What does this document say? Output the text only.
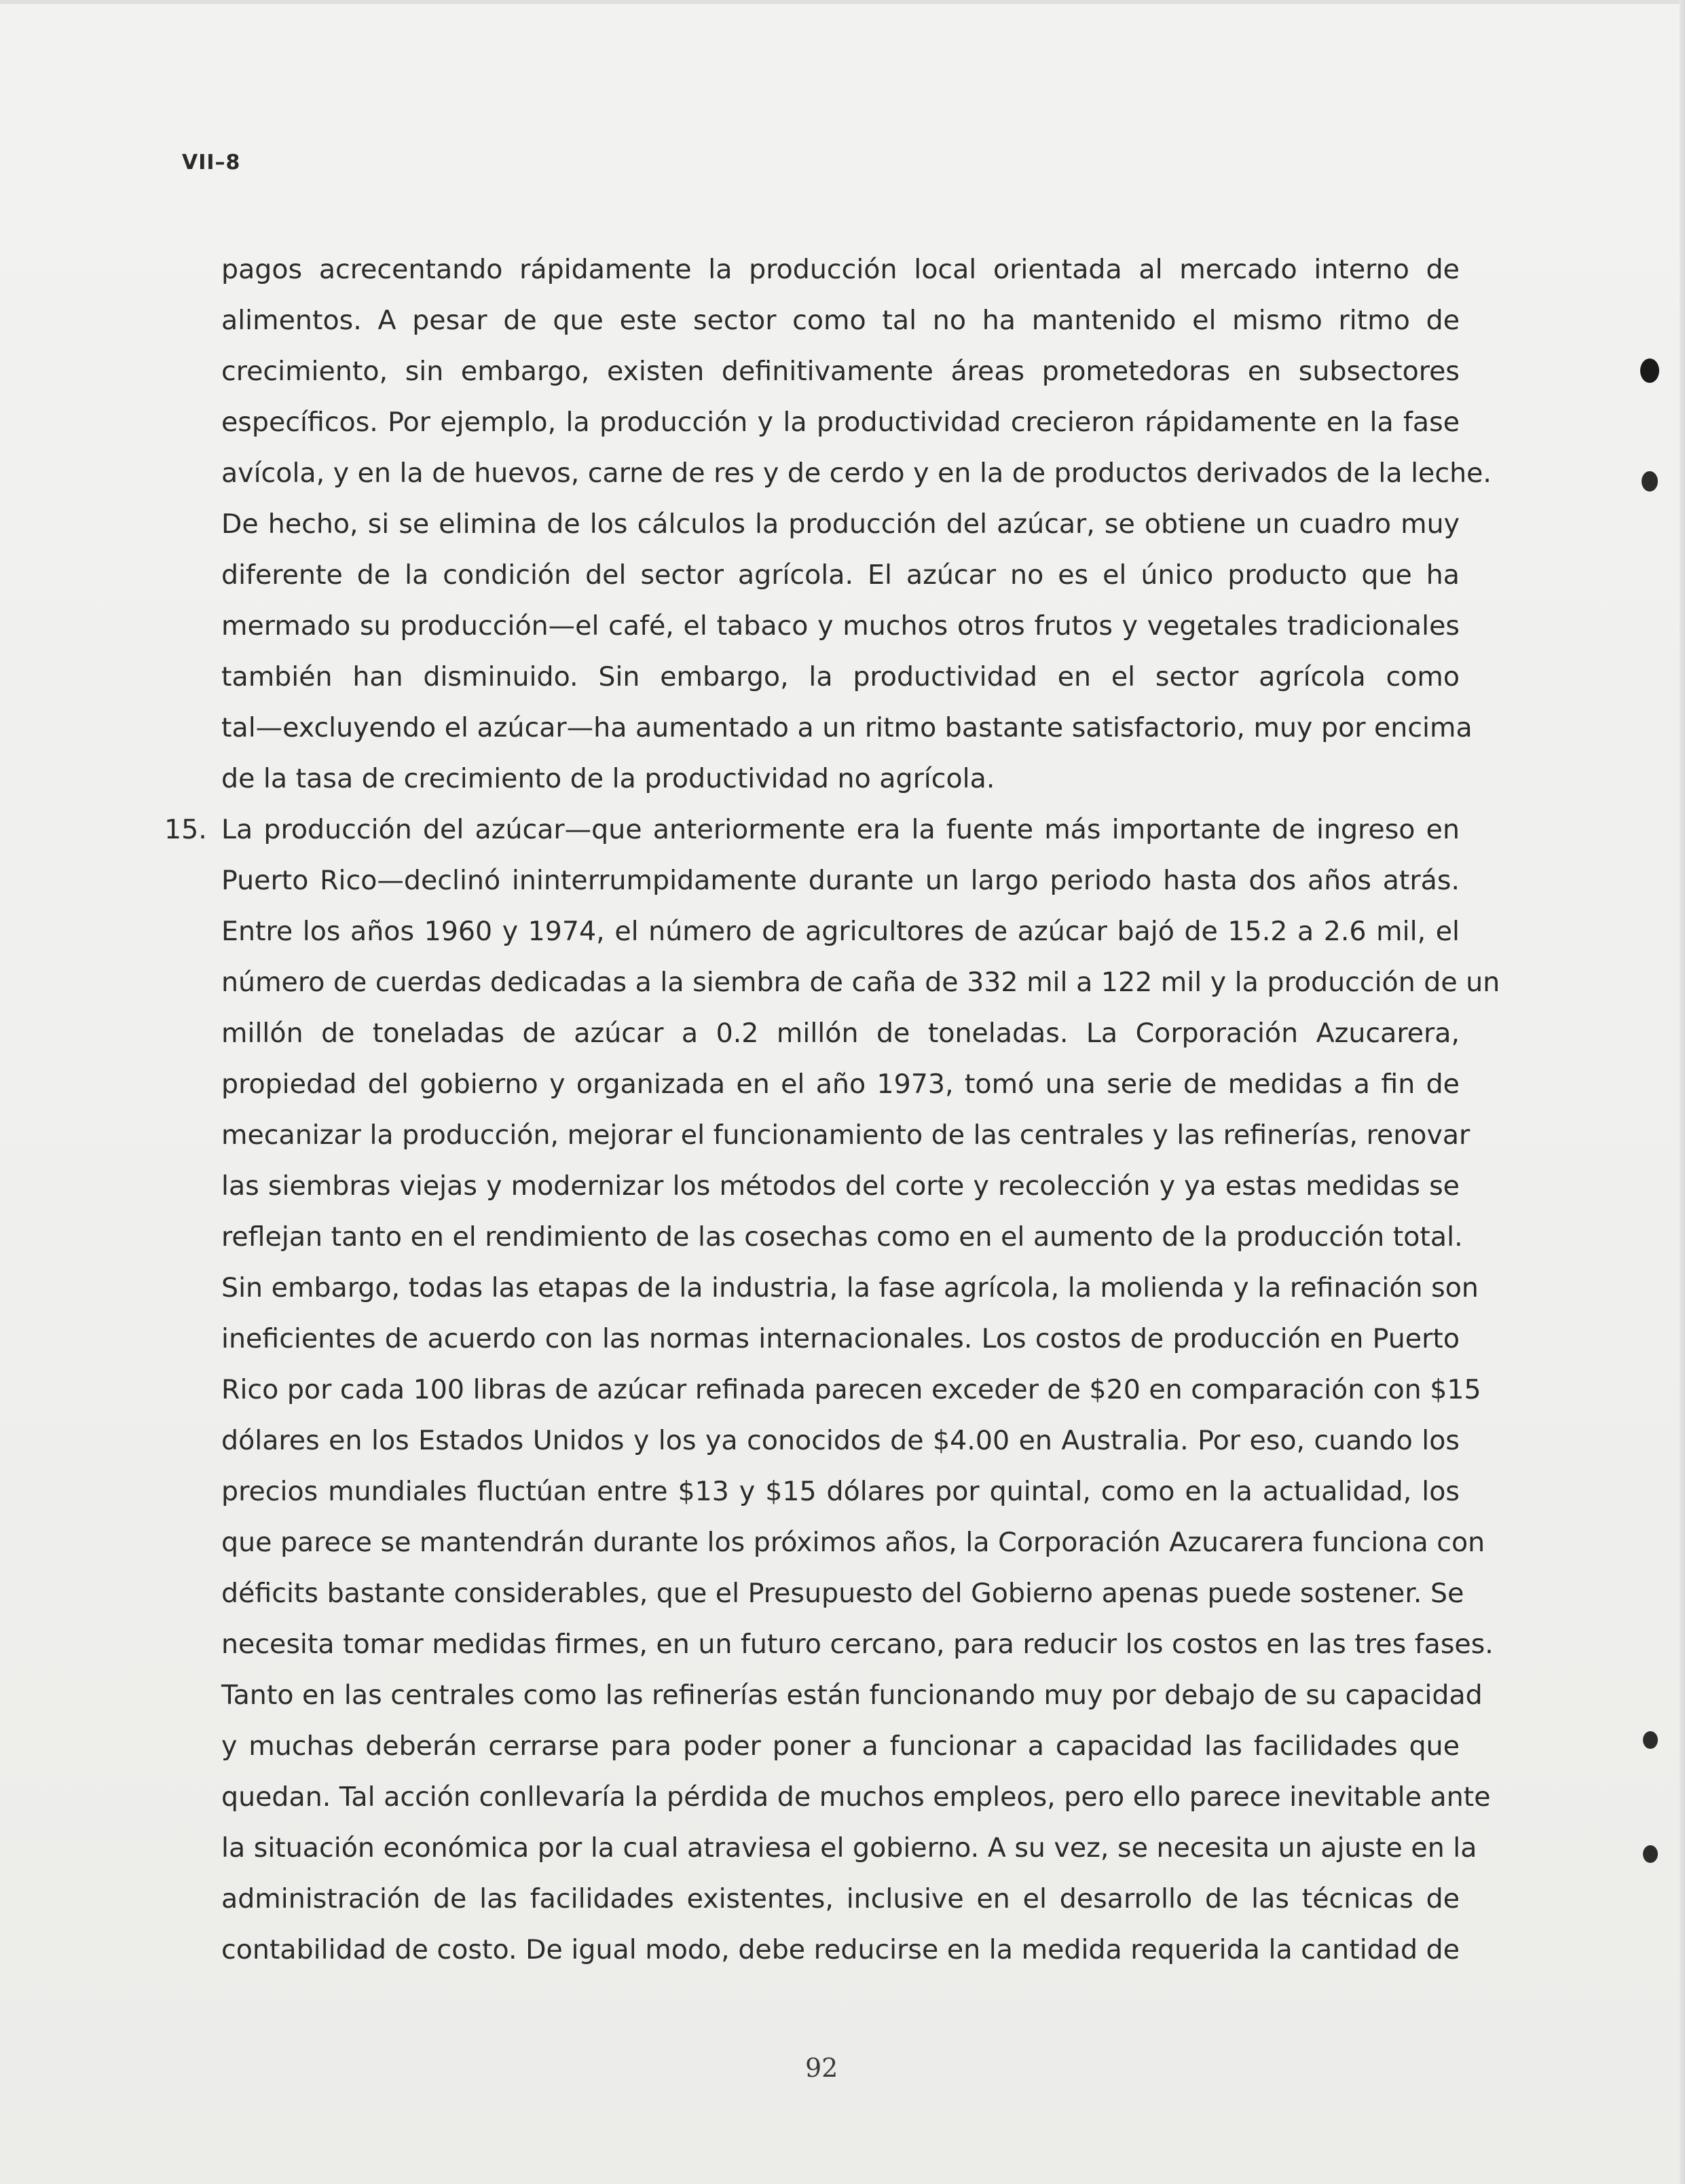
VII–8
pagos acrecentando rápidamente la producción local orientada al mercado interno de
alimentos. A pesar de que este sector como tal no ha mantenido el mismo ritmo de
crecimiento, sin embargo, existen definitivamente áreas prometedoras en subsectores
específicos. Por ejemplo, la producción y la productividad crecieron rápidamente en la fase
avícola, y en la de huevos, carne de res y de cerdo y en la de productos derivados de la leche.
De hecho, si se elimina de los cálculos la producción del azúcar, se obtiene un cuadro muy
diferente de la condición del sector agrícola. El azúcar no es el único producto que ha
mermado su producción—el café, el tabaco y muchos otros frutos y vegetales tradicionales
también han disminuido. Sin embargo, la productividad en el sector agrícola como
tal—excluyendo el azúcar—ha aumentado a un ritmo bastante satisfactorio, muy por encima
de la tasa de crecimiento de la productividad no agrícola.
15. La producción del azúcar—que anteriormente era la fuente más importante de ingreso en
Puerto Rico—declinó ininterrumpidamente durante un largo periodo hasta dos años atrás.
Entre los años 1960 y 1974, el número de agricultores de azúcar bajó de 15.2 a 2.6 mil, el
número de cuerdas dedicadas a la siembra de caña de 332 mil a 122 mil y la producción de un
millón de toneladas de azúcar a 0.2 millón de toneladas. La Corporación Azucarera,
propiedad del gobierno y organizada en el año 1973, tomó una serie de medidas a fin de
mecanizar la producción, mejorar el funcionamiento de las centrales y las refinerías, renovar
las siembras viejas y modernizar los métodos del corte y recolección y ya estas medidas se
reflejan tanto en el rendimiento de las cosechas como en el aumento de la producción total.
Sin embargo, todas las etapas de la industria, la fase agrícola, la molienda y la refinación son
ineficientes de acuerdo con las normas internacionales. Los costos de producción en Puerto
Rico por cada 100 libras de azúcar refinada parecen exceder de $20 en comparación con $15
dólares en los Estados Unidos y los ya conocidos de $4.00 en Australia. Por eso, cuando los
precios mundiales fluctúan entre $13 y $15 dólares por quintal, como en la actualidad, los
que parece se mantendrán durante los próximos años, la Corporación Azucarera funciona con
déficits bastante considerables, que el Presupuesto del Gobierno apenas puede sostener. Se
necesita tomar medidas firmes, en un futuro cercano, para reducir los costos en las tres fases.
Tanto en las centrales como las refinerías están funcionando muy por debajo de su capacidad
y muchas deberán cerrarse para poder poner a funcionar a capacidad las facilidades que
quedan. Tal acción conllevaría la pérdida de muchos empleos, pero ello parece inevitable ante
la situación económica por la cual atraviesa el gobierno. A su vez, se necesita un ajuste en la
administración de las facilidades existentes, inclusive en el desarrollo de las técnicas de
contabilidad de costo. De igual modo, debe reducirse en la medida requerida la cantidad de
92
